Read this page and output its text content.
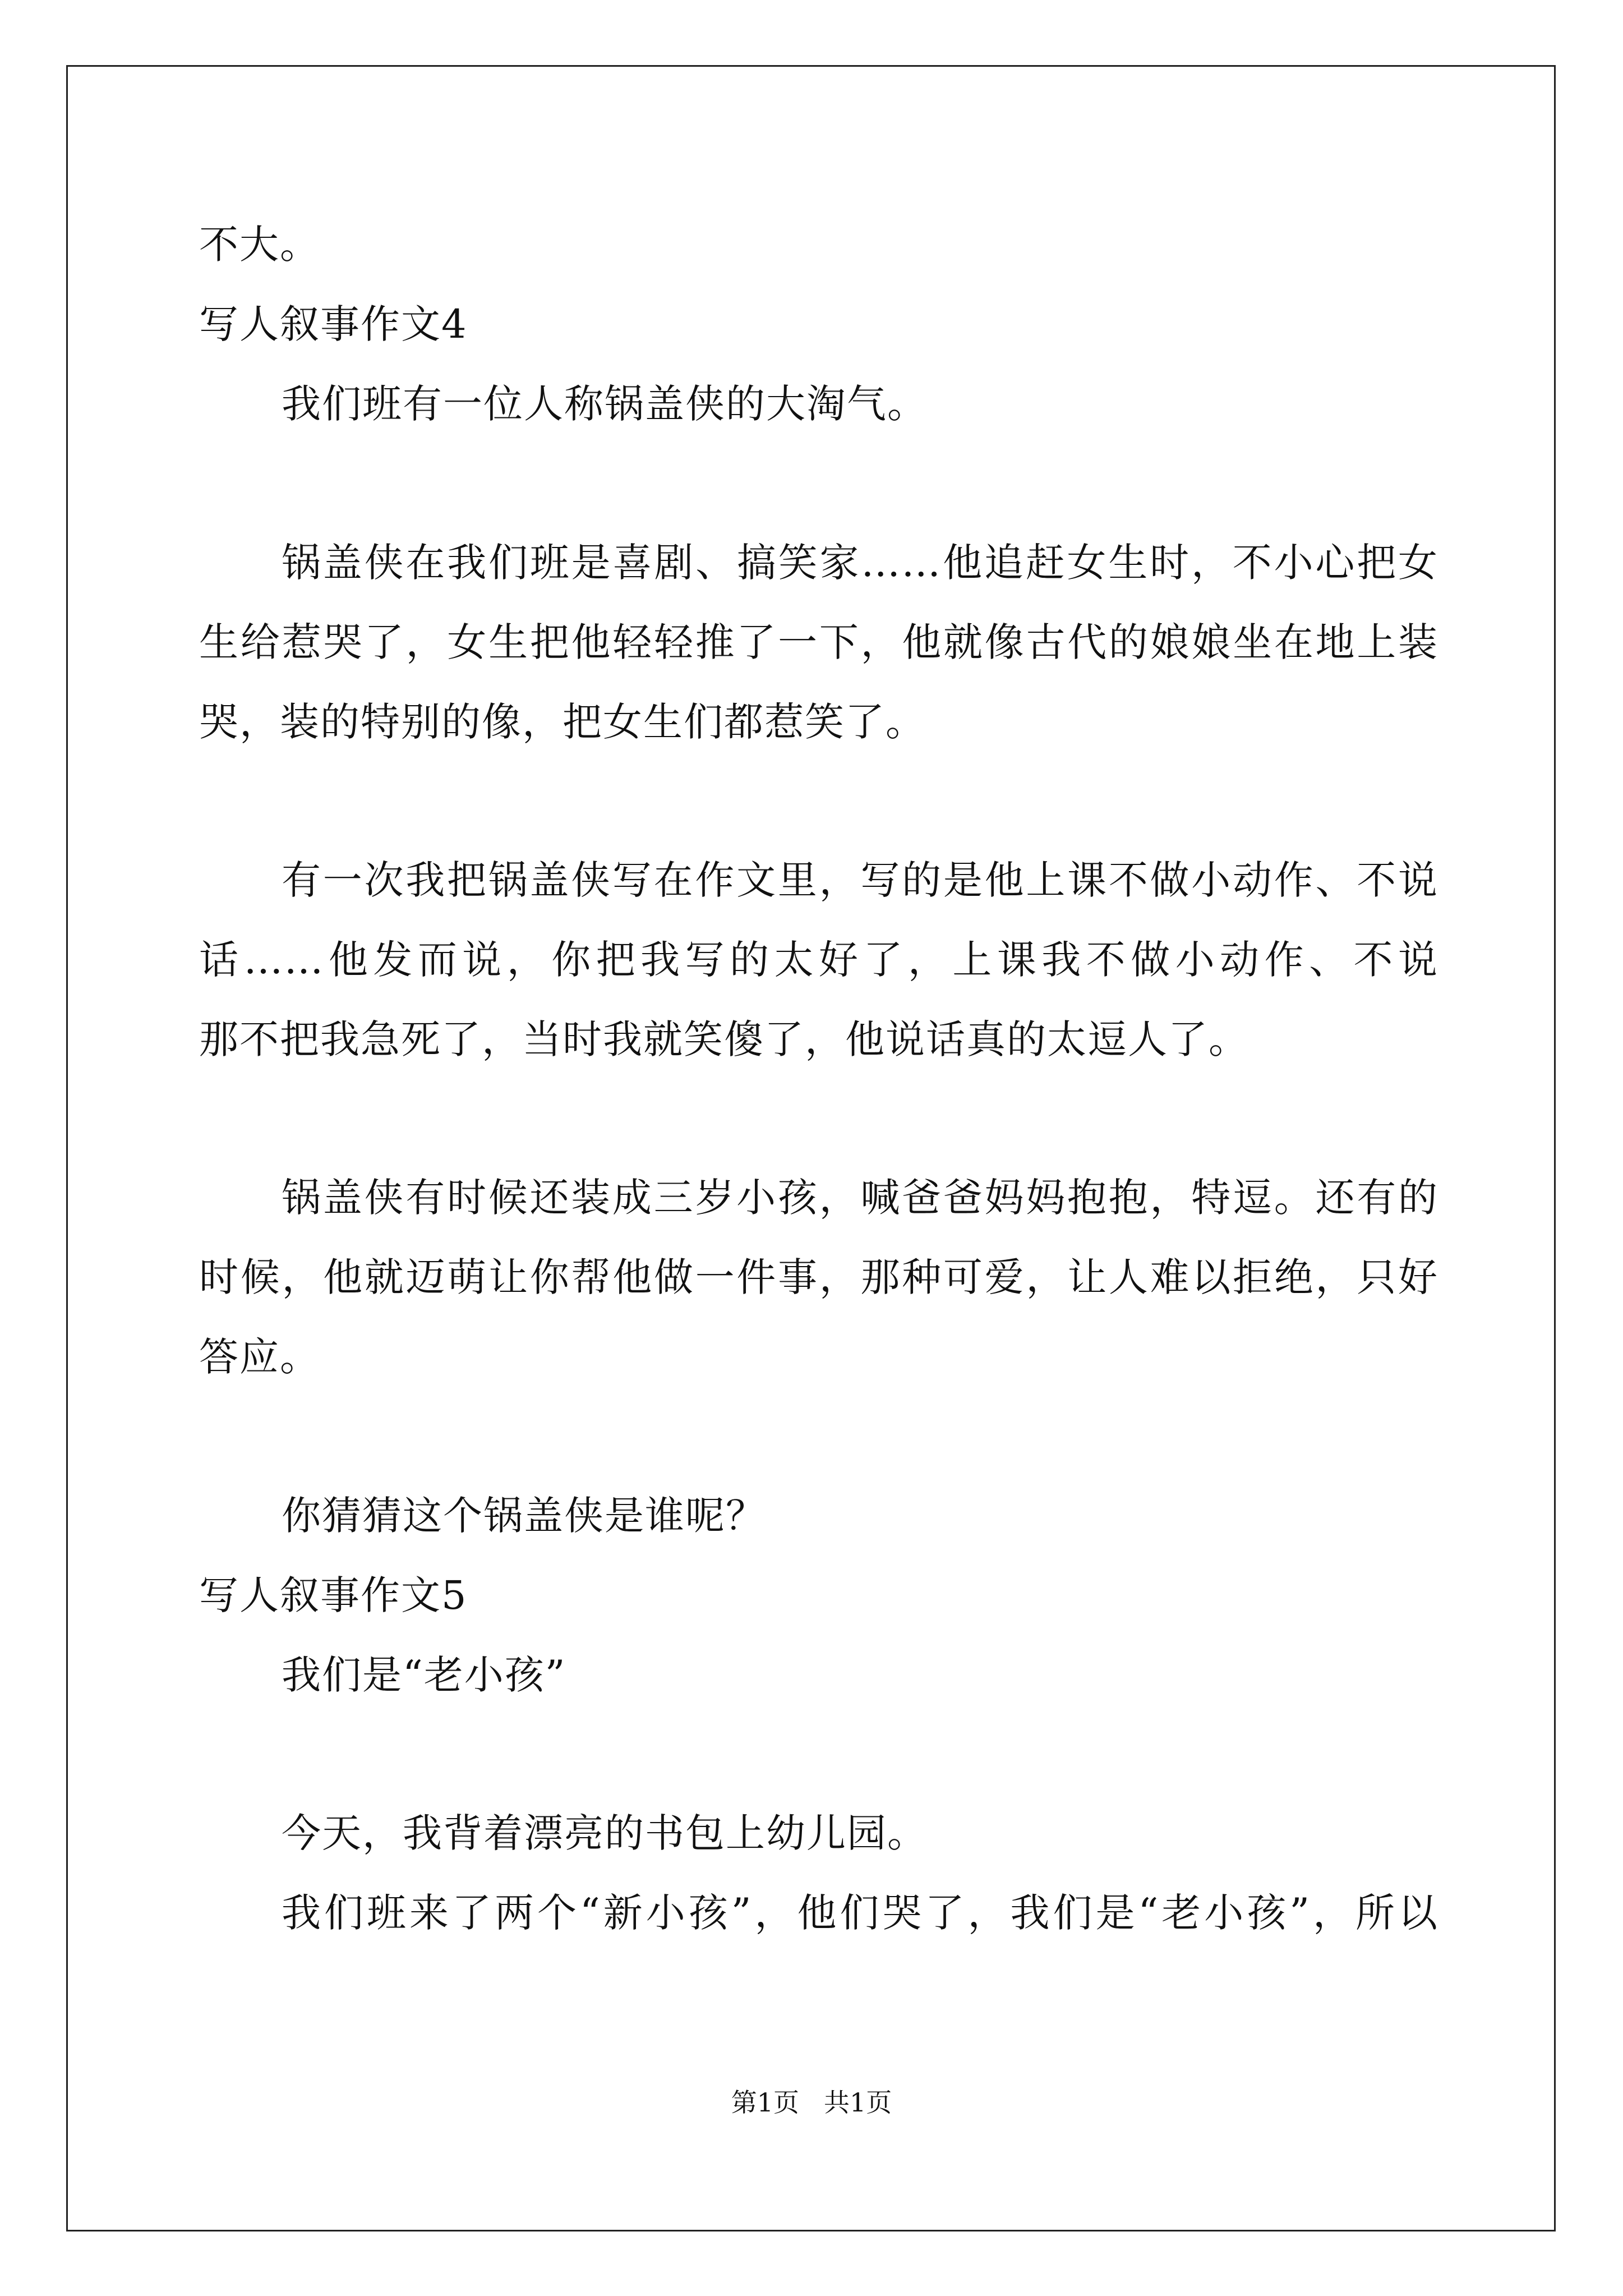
不大。
写人叙事作文4
我们班有一位人称锅盖侠的大淘气。
锅盖侠在我们班是喜剧、搞笑家……他追赶女生时，不小心把女
生给惹哭了，女生把他轻轻推了一下，他就像古代的娘娘坐在地上装
哭，装的特别的像，把女生们都惹笑了。
有一次我把锅盖侠写在作文里，写的是他上课不做小动作、不说
话……他发而说，你把我写的太好了，上课我不做小动作、不说
那不把我急死了，当时我就笑傻了，他说话真的太逗人了。
锅盖侠有时候还装成三岁小孩，喊爸爸妈妈抱抱，特逗。还有的
时候，他就迈萌让你帮他做一件事，那种可爱，让人难以拒绝，只好
答应。
你猜猜这个锅盖侠是谁呢？
写人叙事作文5
我们是“老小孩”
今天，我背着漂亮的书包上幼儿园。
我们班来了两个“新小孩”，他们哭了，我们是“老小孩”，所以
第1页 共1页
